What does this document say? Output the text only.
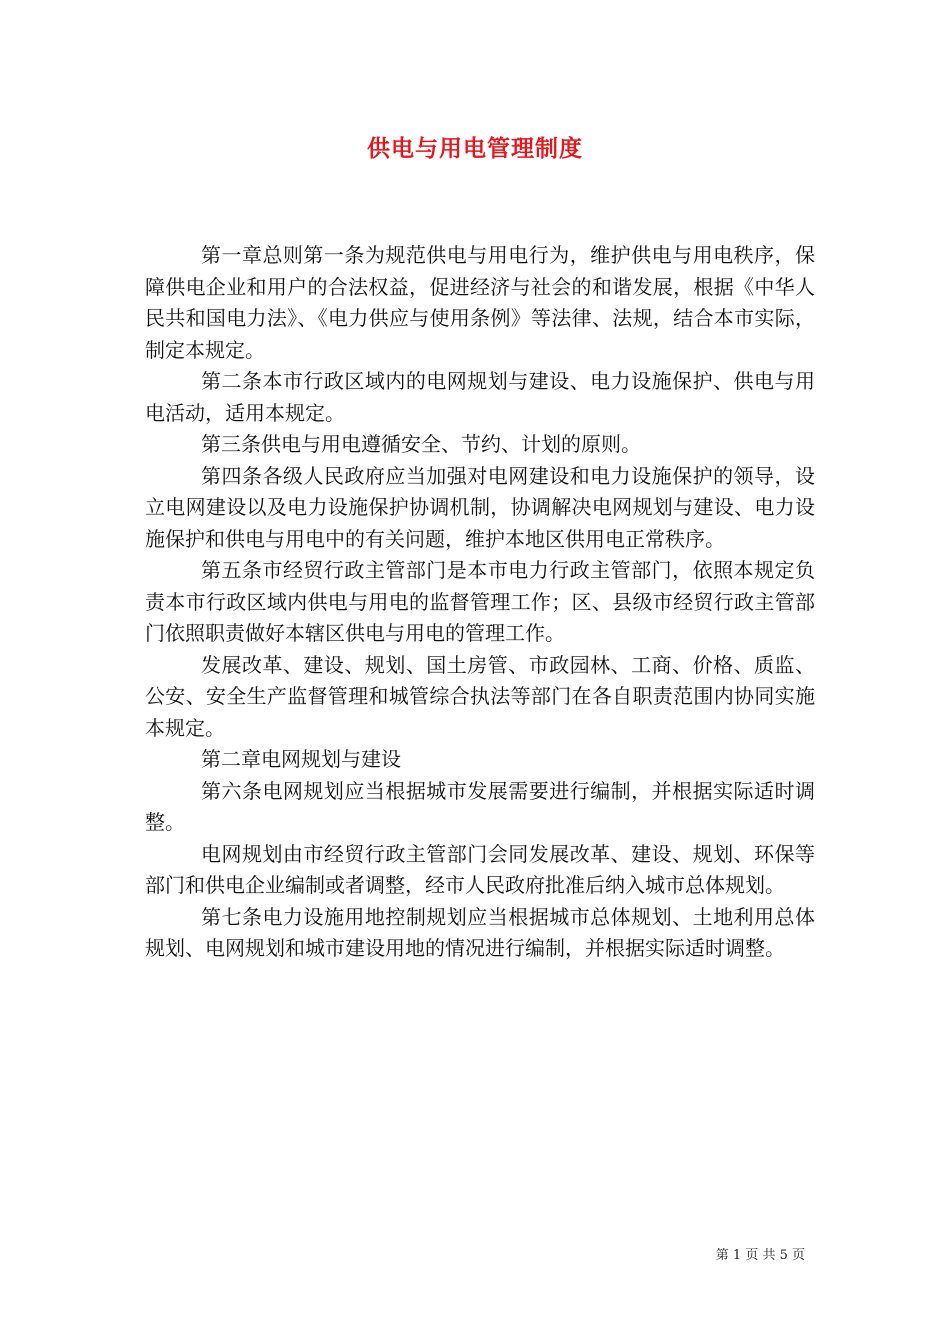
供电与用电管理制度

第一章总则第一条为规范供电与用电行为，维护供电与用电秩序，保障供电企业和用户的合法权益，促进经济与社会的和谐发展，根据《中华人民共和国电力法》、《电力供应与使用条例》等法律、法规，结合本市实际，制定本规定。

第二条本市行政区域内的电网规划与建设、电力设施保护、供电与用电活动，适用本规定。

第三条供电与用电遵循安全、节约、计划的原则。

第四条各级人民政府应当加强对电网建设和电力设施保护的领导，设立电网建设以及电力设施保护协调机制，协调解决电网规划与建设、电力设施保护和供电与用电中的有关问题，维护本地区供用电正常秩序。

第五条市经贸行政主管部门是本市电力行政主管部门，依照本规定负责本市行政区域内供电与用电的监督管理工作；区、县级市经贸行政主管部门依照职责做好本辖区供电与用电的管理工作。

发展改革、建设、规划、国土房管、市政园林、工商、价格、质监、公安、安全生产监督管理和城管综合执法等部门在各自职责范围内协同实施本规定。

第二章电网规划与建设

第六条电网规划应当根据城市发展需要进行编制，并根据实际适时调整。

电网规划由市经贸行政主管部门会同发展改革、建设、规划、环保等部门和供电企业编制或者调整，经市人民政府批准后纳入城市总体规划。

第七条电力设施用地控制规划应当根据城市总体规划、土地利用总体规划、电网规划和城市建设用地的情况进行编制，并根据实际适时调整。

第 1 页 共 5 页
